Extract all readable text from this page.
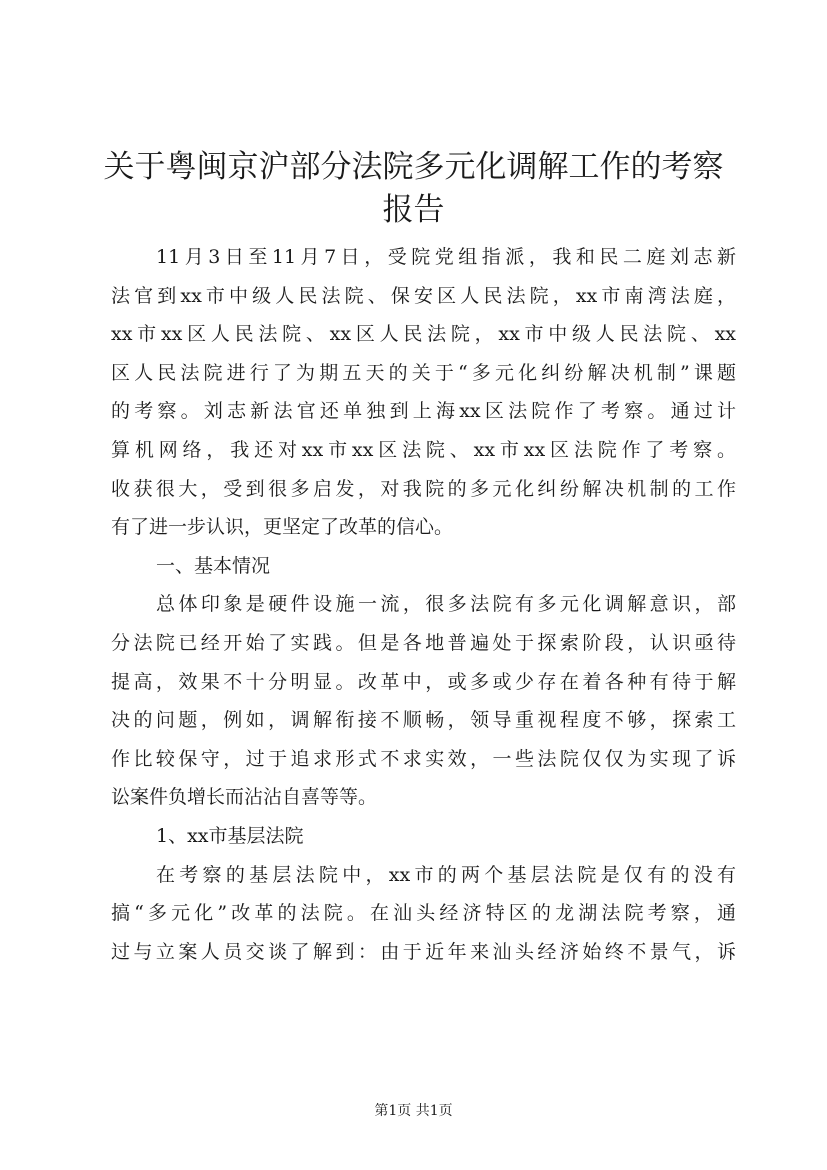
关于粤闽京沪部分法院多元化调解工作的考察
报告
11月3日至11月7日，受院党组指派，我和民二庭刘志新
法官到xx市中级人民法院、保安区人民法院，xx市南湾法庭，
xx市xx区人民法院、xx区人民法院，xx市中级人民法院、xx
区人民法院进行了为期五天的关于“多元化纠纷解决机制”课题
的考察。刘志新法官还单独到上海xx区法院作了考察。通过计
算机网络，我还对xx市xx区法院、xx市xx区法院作了考察。
收获很大，受到很多启发，对我院的多元化纠纷解决机制的工作
有了进一步认识，更坚定了改革的信心。
一、基本情况
总体印象是硬件设施一流，很多法院有多元化调解意识，部
分法院已经开始了实践。但是各地普遍处于探索阶段，认识亟待
提高，效果不十分明显。改革中，或多或少存在着各种有待于解
决的问题，例如，调解衔接不顺畅，领导重视程度不够，探索工
作比较保守，过于追求形式不求实效，一些法院仅仅为实现了诉
讼案件负增长而沾沾自喜等等。
1、xx市基层法院
在考察的基层法院中，xx市的两个基层法院是仅有的没有
搞“多元化”改革的法院。在汕头经济特区的龙湖法院考察，通
过与立案人员交谈了解到：由于近年来汕头经济始终不景气，诉
第1页 共1页
